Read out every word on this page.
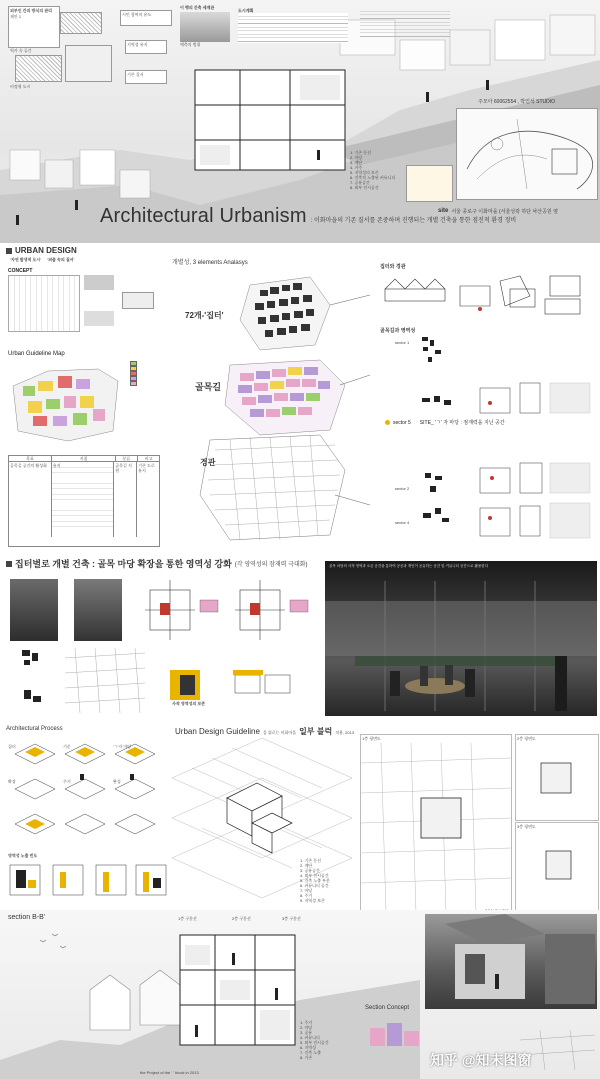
외부인 간의 방식의 관리
제안 1
역사 속 공간
비정형 도시
시민 참여의 유도
지역성 유지
기존 질서
이 행의 간축 세계관
예측의 범위
도시계획
1. 기존 동선
2. 마당
3. 계단
4. 거주
5. 지역성의 보존
6. 건축적 노출된 커뮤니티
7. 공유공간
8. 외부 전시공간
주모아 60062554 , 박인석 STUDIO
Architectural Urbanism : 이화마을의 기존 질서를 존중하며 진행되는 개별 건축을 통한 점진적 환경 정비
site 서울 종로구 이화마을 (서울성곽 하단 낙산공원 옆
URBAN DESIGN
'자연 발생적 도시' '퍼즐 속의 질서'
CONCEPT
Urban Guideline Map
목표	지침	분류	비고
골목길 공간의 활성화	유지	골목길 지원
기존 도로 유지
개별성, 3 elements Analasys
72개-'집터'
골목길
경관
집터와 경관
골목길과 영역성
sector 1
sector 5 SITE_ 'ㄱ' 자 마당 : 점재력을 지닌 공간
sector 2
sector 4
집터별로 개별 건축 : 골목 마당 확장을 통한 영역성 강화 (각 영역성의 잠재력 극대화)
사적 영역성의 보존
골목 마당의 사적 영역과 오픈 공간을 통하여 공공과 개인이 공유하는 공간 및 커뮤니티 공간으로 활용한다
Architectural Process
집터	기준	'ㄱ'자 마당
확장	주거	완성
영역성 노출 빈도
Urban Design Guideline 을 위로는 이화마을 일부 블럭 적용, 2013
1. 기존 동선
2. 계단
3. 공유공간
4. 외부 전시공간
5. 건축 노출 부분
6. 커뮤니티 공간
7. 마당
8. 주거
9. 지역성 보존
1층 평면도	2층 평면도
3층 평면도
section B-B'	1층 구분선	2층 구분선	3층 구분선
1. 주거
2. 마당
3. 공유
4. 커뮤니티
5. 외부 전시공간
6. 지역성
7. 건축 노출
8. 기존
Section Concept
the Project of the ' ' block in 2013
知乎 @知末图窗
